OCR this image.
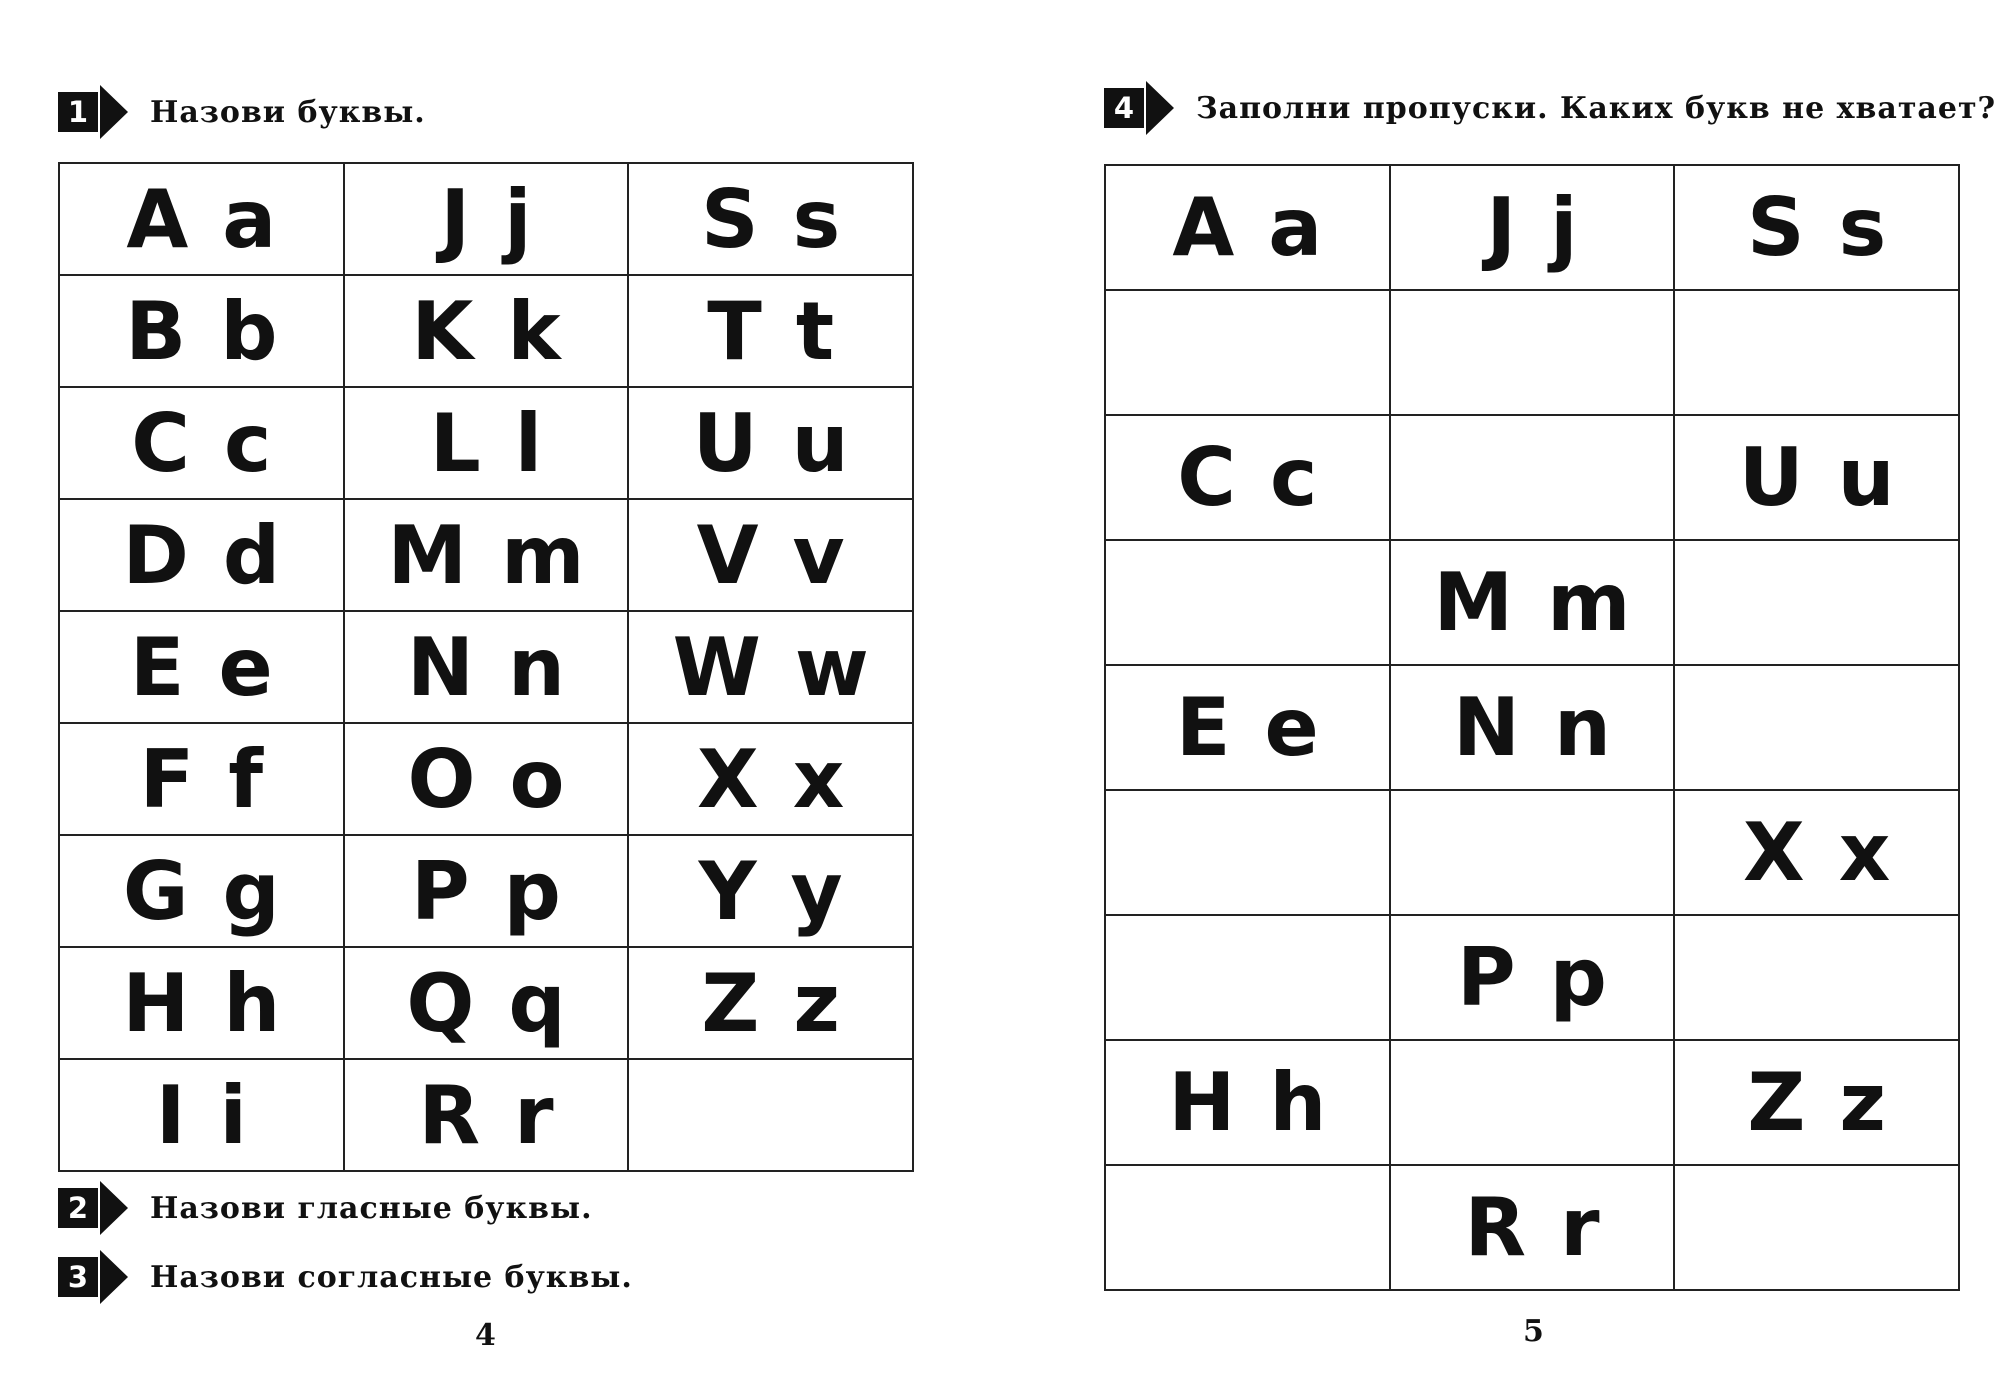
1	Назови буквы.
A a	J j	S s
B b	K k	T t
C c	L l	U u
D d	M m	V v
E e	N n	W w
F f	O o	X x
G g	P p	Y y
H h	Q q	Z z
I i	R r	
2	Назови гласные буквы.
3	Назови согласные буквы.
4
4	Заполни пропуски. Каких букв не хватает?
A a	J j	S s

C c		U u
	M m	
E e	N n	
		X x
	P p	
H h		Z z
	R r	
5
